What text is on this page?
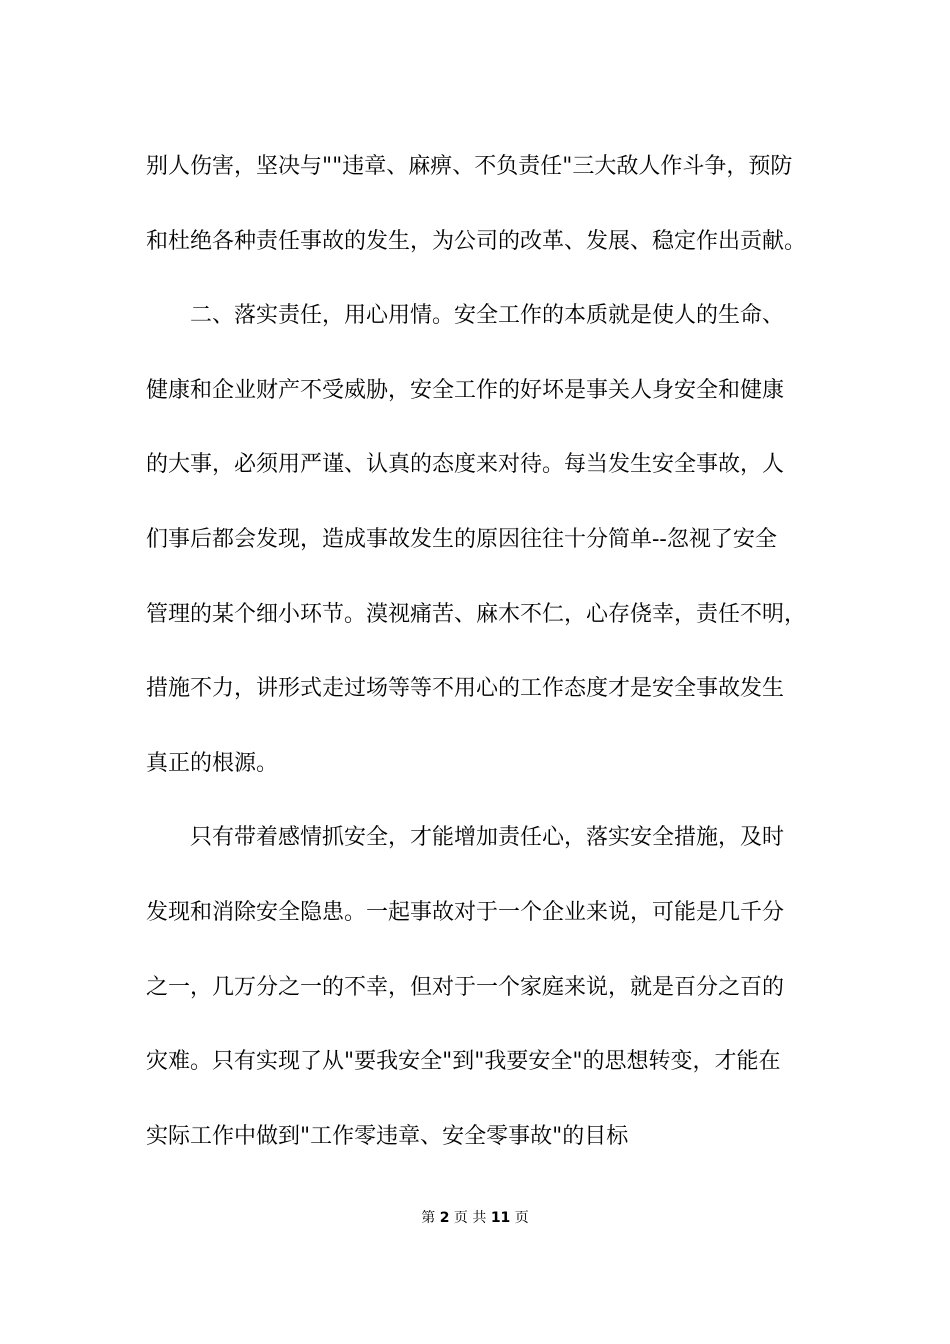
别人伤害，坚决与""违章、麻痹、不负责任"三大敌人作斗争，预防
和杜绝各种责任事故的发生，为公司的改革、发展、稳定作出贡献。
二、落实责任，用心用情。安全工作的本质就是使人的生命、
健康和企业财产不受威胁，安全工作的好坏是事关人身安全和健康
的大事，必须用严谨、认真的态度来对待。每当发生安全事故，人
们事后都会发现，造成事故发生的原因往往十分简单--忽视了安全
管理的某个细小环节。漠视痛苦、麻木不仁，心存侥幸，责任不明，
措施不力，讲形式走过场等等不用心的工作态度才是安全事故发生
真正的根源。
只有带着感情抓安全，才能增加责任心，落实安全措施，及时
发现和消除安全隐患。一起事故对于一个企业来说，可能是几千分
之一，几万分之一的不幸，但对于一个家庭来说，就是百分之百的
灾难。只有实现了从"要我安全"到"我要安全"的思想转变，才能在
实际工作中做到"工作零违章、安全零事故"的目标
第 2 页 共 11 页
